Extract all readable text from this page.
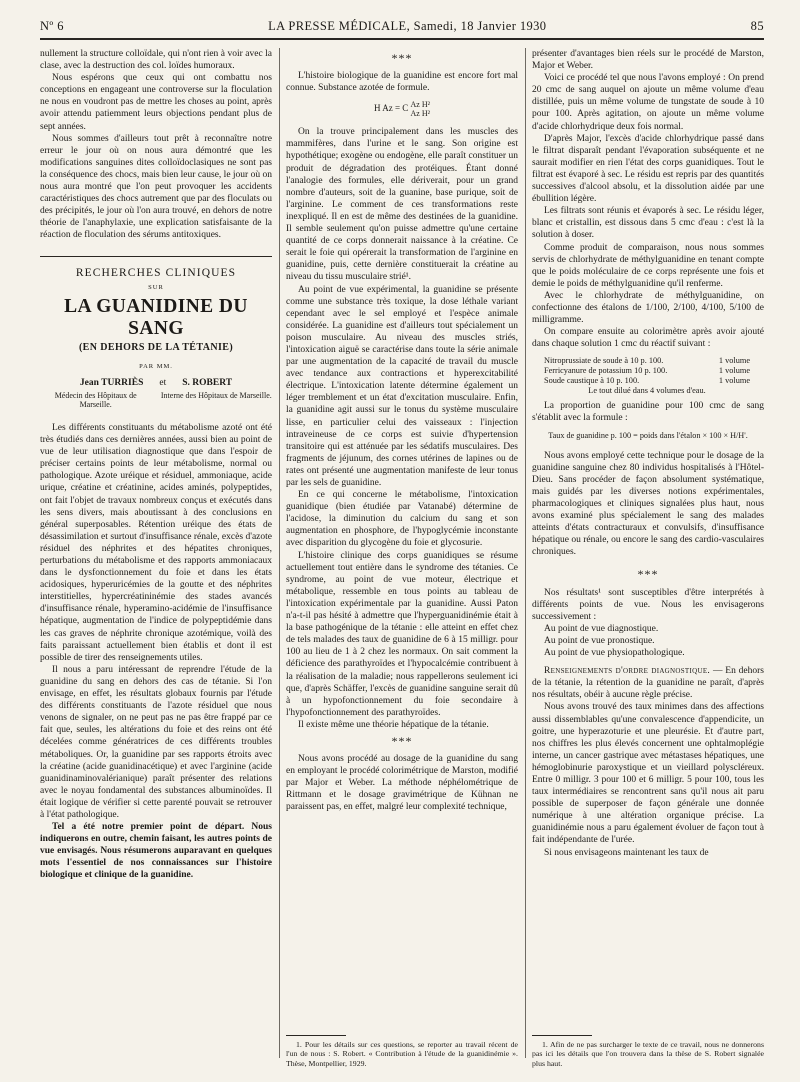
Nº 6	LA PRESSE MÉDICALE, Samedi, 18 Janvier 1930	85

nullement la structure colloïdale, qui n'ont rien à voir avec la clase, avec la destruction des col. loïdes humoraux.

Nous espérons que ceux qui ont combattu nos conceptions en engageant une controverse sur la floculation ne nous en voudront pas de mettre les choses au point, après avoir attendu patiemment leurs objections pendant plus de sept années.

Nous sommes d'ailleurs tout prêt à reconnaître notre erreur le jour où on nous aura démontré que les modifications sanguines dites colloïdoclasiques ne sont pas la conséquence des chocs, mais bien leur cause, le jour où on nous aura montré que l'on peut provoquer les accidents caractéristiques des chocs autrement que par des floculats ou des précipités, le jour où l'on aura trouvé, en dehors de notre théorie de l'anaphylaxie, une explication satisfaisante de la réaction de floculation des sérums antitoxiques.

RECHERCHES CLINIQUES
SUR
LA GUANIDINE DU SANG
(EN DEHORS DE LA TÉTANIE)
PAR MM.
Jean TURRIÈS et S. ROBERT
Médecin des Hôpitaux de Marseille.
Interne des Hôpitaux de Marseille.

Les différents constituants du métabolisme azoté ont été très étudiés dans ces dernières années, aussi bien au point de vue de leur utilisation diagnostique que dans l'espoir de préciser certains points de leur métabolisme, normal ou pathologique. Azote uréique et résiduel, ammoniaque, acide urique, créatine et créatinine, acides aminés, polypeptides, ont fait l'objet de travaux nombreux conçus et exécutés dans les sens divers, mais aboutissant à des conclusions en général superposables. Rétention uréique des états de désassimilation et surtout d'insuffisance rénale, excès d'azote résiduel des néphrites et des hépatites chroniques, perturbations du métabolisme et des rapports ammoniacaux dans le dysfonctionnement du foie et dans les états acidosiques, hyperuricémies de la goutte et des néphrites interstitielles, hypercréatininémie des stades avancés d'insuffisance rénale, hyperamino-acidémie de l'insuffisance hépatique, augmentation de l'indice de polypeptidémie dans les cas graves de néphrite chronique azotémique, voilà des faits paraissant actuellement bien établis et dont il est possible de tirer des renseignements utiles.

Il nous a paru intéressant de reprendre l'étude de la guanidine du sang en dehors des cas de tétanie. Si l'on envisage, en effet, les résultats globaux fournis par l'étude des différents constituants de l'azote résiduel que nous venons de signaler, on ne peut pas ne pas être frappé par ce fait que, seules, les altérations du foie et des reins ont été décelées comme génératrices de ces différents troubles métaboliques. Or, la guanidine par ses rapports étroits avec la créatine (acide guanidinacétique) et avec l'arginine (acide guanidinaminovalérianique) paraît présenter des relations avec le noyau fondamental des substances albuminoïdes. Il était logique de vérifier si cette parenté pouvait se retrouver à l'état pathologique.

Tel a été notre premier point de départ. Nous indiquerons en outre, chemin faisant, les autres points de vue envisagés. Nous résumerons auparavant en quelques mots l'essentiel de nos connaissances sur l'histoire biologique et clinique de la guanidine.

***

L'histoire biologique de la guanidine est encore fort mal connue. Substance azotée de formule.

H Az = C Az H²
Az H²

On la trouve principalement dans les muscles des mammifères, dans l'urine et le sang. Son origine est hypothétique; exogène ou endogène, elle paraît constituer un produit de dégradation des protéiques. Étant donné l'analogie des formules, elle dériverait, pour un grand nombre d'auteurs, soit de la guanine, base purique, soit de l'arginine. Le comment de ces transformations reste inexpliqué. Il en est de même des destinées de la guanidine. Il semble seulement qu'on puisse admettre qu'une certaine quantité de ce corps donnerait naissance à la créatine. Ce serait le foie qui opérerait la transformation de l'arginine en guanidine, puis, cette dernière constituerait la créatine au niveau du tissu musculaire strié¹.

Au point de vue expérimental, la guanidine se présente comme une substance très toxique, la dose léthale variant cependant avec le sel employé et l'espèce animale considérée. La guanidine est d'ailleurs tout spécialement un poison musculaire. Au niveau des muscles striés, l'intoxication aiguë se caractérise dans toute la série animale par une augmentation de la capacité de travail du muscle avec tendance aux contractions et hyperexcitabilité électrique. L'intoxication latente détermine également un léger tremblement et un état d'excitation musculaire. Enfin, la guanidine agit aussi sur le tonus du système musculaire lisse, en particulier celui des vaisseaux : l'injection intraveineuse de ce corps est suivie d'hypertension transitoire qui est atténuée par les sédatifs musculaires. Des fragments de jéjunum, des cornes utérines de lapines ou de rates ont présenté une augmentation manifeste de leur tonus par les sels de guanidine.

En ce qui concerne le métabolisme, l'intoxication guanidique (bien étudiée par Vatanabé) détermine de l'acidose, la diminution du calcium du sang et son augmentation en phosphore, de l'hypoglycémie inconstante avec disparition du glycogène du foie et glycosurie.

L'histoire clinique des corps guanidiques se résume actuellement tout entière dans le syndrome des tétanies. Ce syndrome, au point de vue moteur, électrique et métabolique, ressemble en tous points au tableau de l'intoxication expérimentale par la guanidine. Aussi Paton n'a-t-il pas hésité à admettre que l'hyperguanidinémie était à la base pathogénique de la tétanie : elle atteint en effet chez de tels malades des taux de guanidine de 6 à 15 milligr. pour 100 au lieu de 1 à 2 chez les normaux. On sait comment la déficience des parathyroïdes et l'hypocalcémie contribuent à la réalisation de la maladie; nous rappellerons seulement ici que, d'après Schäffer, l'excès de guanidine sanguine serait dû à un hypofonctionnement du foie secondaire à l'hypofonctionnement des parathyroïdes.

Il existe même une théorie hépatique de la tétanie.

***

Nous avons procédé au dosage de la guanidine du sang en employant le procédé colorimétrique de Marston, modifié par Major et Weber. La méthode néphélométrique de Rittmann et le dosage gravimétrique de Kühnan ne paraissent pas, en effet, malgré leur complexité technique,

1. Pour les détails sur ces questions, se reporter au travail récent de l'un de nous : S. Robert. « Contribution à l'étude de la guanidinémie ». Thèse, Montpellier, 1929.

présenter d'avantages bien réels sur le procédé de Marston, Major et Weber.

Voici ce procédé tel que nous l'avons employé : On prend 20 cmc de sang auquel on ajoute un même volume d'eau distillée, puis un même volume de tungstate de soude à 10 pour 100. Après agitation, on ajoute un même volume d'acide chlorhydrique deux fois normal.

D'après Major, l'excès d'acide chlorhydrique passé dans le filtrat disparaît pendant l'évaporation subséquente et ne saurait modifier en rien l'état des corps guanidiques. Tout le filtrat est évaporé à sec. Le résidu est repris par des quantités successives d'alcool absolu, et la dissolution aidée par une ébullition légère.

Les filtrats sont réunis et évaporés à sec. Le résidu léger, blanc et cristallin, est dissous dans 5 cmc d'eau : c'est là la solution à doser.

Comme produit de comparaison, nous nous sommes servis de chlorhydrate de méthylguanidine en tenant compte que le poids moléculaire de ce corps représente une fois et demie le poids de méthylguanidine qu'il renferme.

Avec le chlorhydrate de méthylguanidine, on confectionne des étalons de 1/100, 2/100, 4/100, 5/100 de milligramme.

On compare ensuite au colorimètre après avoir ajouté dans chaque solution 1 cmc du réactif suivant :

Nitroprussiate de soude à 10 p. 100.	1 volume
Ferricyanure de potassium 10 p. 100.	1 volume
Soude caustique à 10 p. 100.	1 volume
Le tout dilué dans 4 volumes d'eau.

La proportion de guanidine pour 100 cmc de sang s'établit avec la formule :

Taux de guanidine p. 100 = poids dans l'étalon × 100 × H/H'.

Nous avons employé cette technique pour le dosage de la guanidine sanguine chez 80 individus hospitalisés à l'Hôtel-Dieu. Sans procéder de façon absolument systématique, mais guidés par les diverses notions expérimentales, pharmacologiques et cliniques signalées plus haut, nous avons examiné plus spécialement le sang des malades atteints d'états contracturaux et convulsifs, d'insuffisance hépatique ou rénale, ou encore le sang des cardio-vasculaires chroniques.

***

Nos résultats¹ sont susceptibles d'être interprétés à différents points de vue. Nous les envisagerons successivement :

Au point de vue diagnostique.

Au point de vue pronostique.

Au point de vue physiopathologique.

Renseignements d'ordre diagnostique. — En dehors de la tétanie, la rétention de la guanidine ne paraît, d'après nos résultats, obéir à aucune règle précise.

Nous avons trouvé des taux minimes dans des affections aussi dissemblables qu'une convalescence d'appendicite, un goitre, une hyperazoturie et une pleurésie. Et d'autre part, nos chiffres les plus élevés concernent une ophtalmoplégie interne, un cancer gastrique avec métastases hépatiques, une hémoglobinurie paroxystique et un vieillard polyscléreux. Entre 0 milligr. 3 pour 100 et 6 milligr. 5 pour 100, tous les taux intermédiaires se rencontrent sans qu'il nous ait paru possible de superposer de façon générale une donnée numérique à une altération organique précise. La guanidinémie nous a paru également évoluer de façon tout à fait indépendante de l'urée.

Si nous envisageons maintenant les taux de

1. Afin de ne pas surcharger le texte de ce travail, nous ne donnerons pas ici les détails que l'on trouvera dans la thèse de S. Robert signalée plus haut.
